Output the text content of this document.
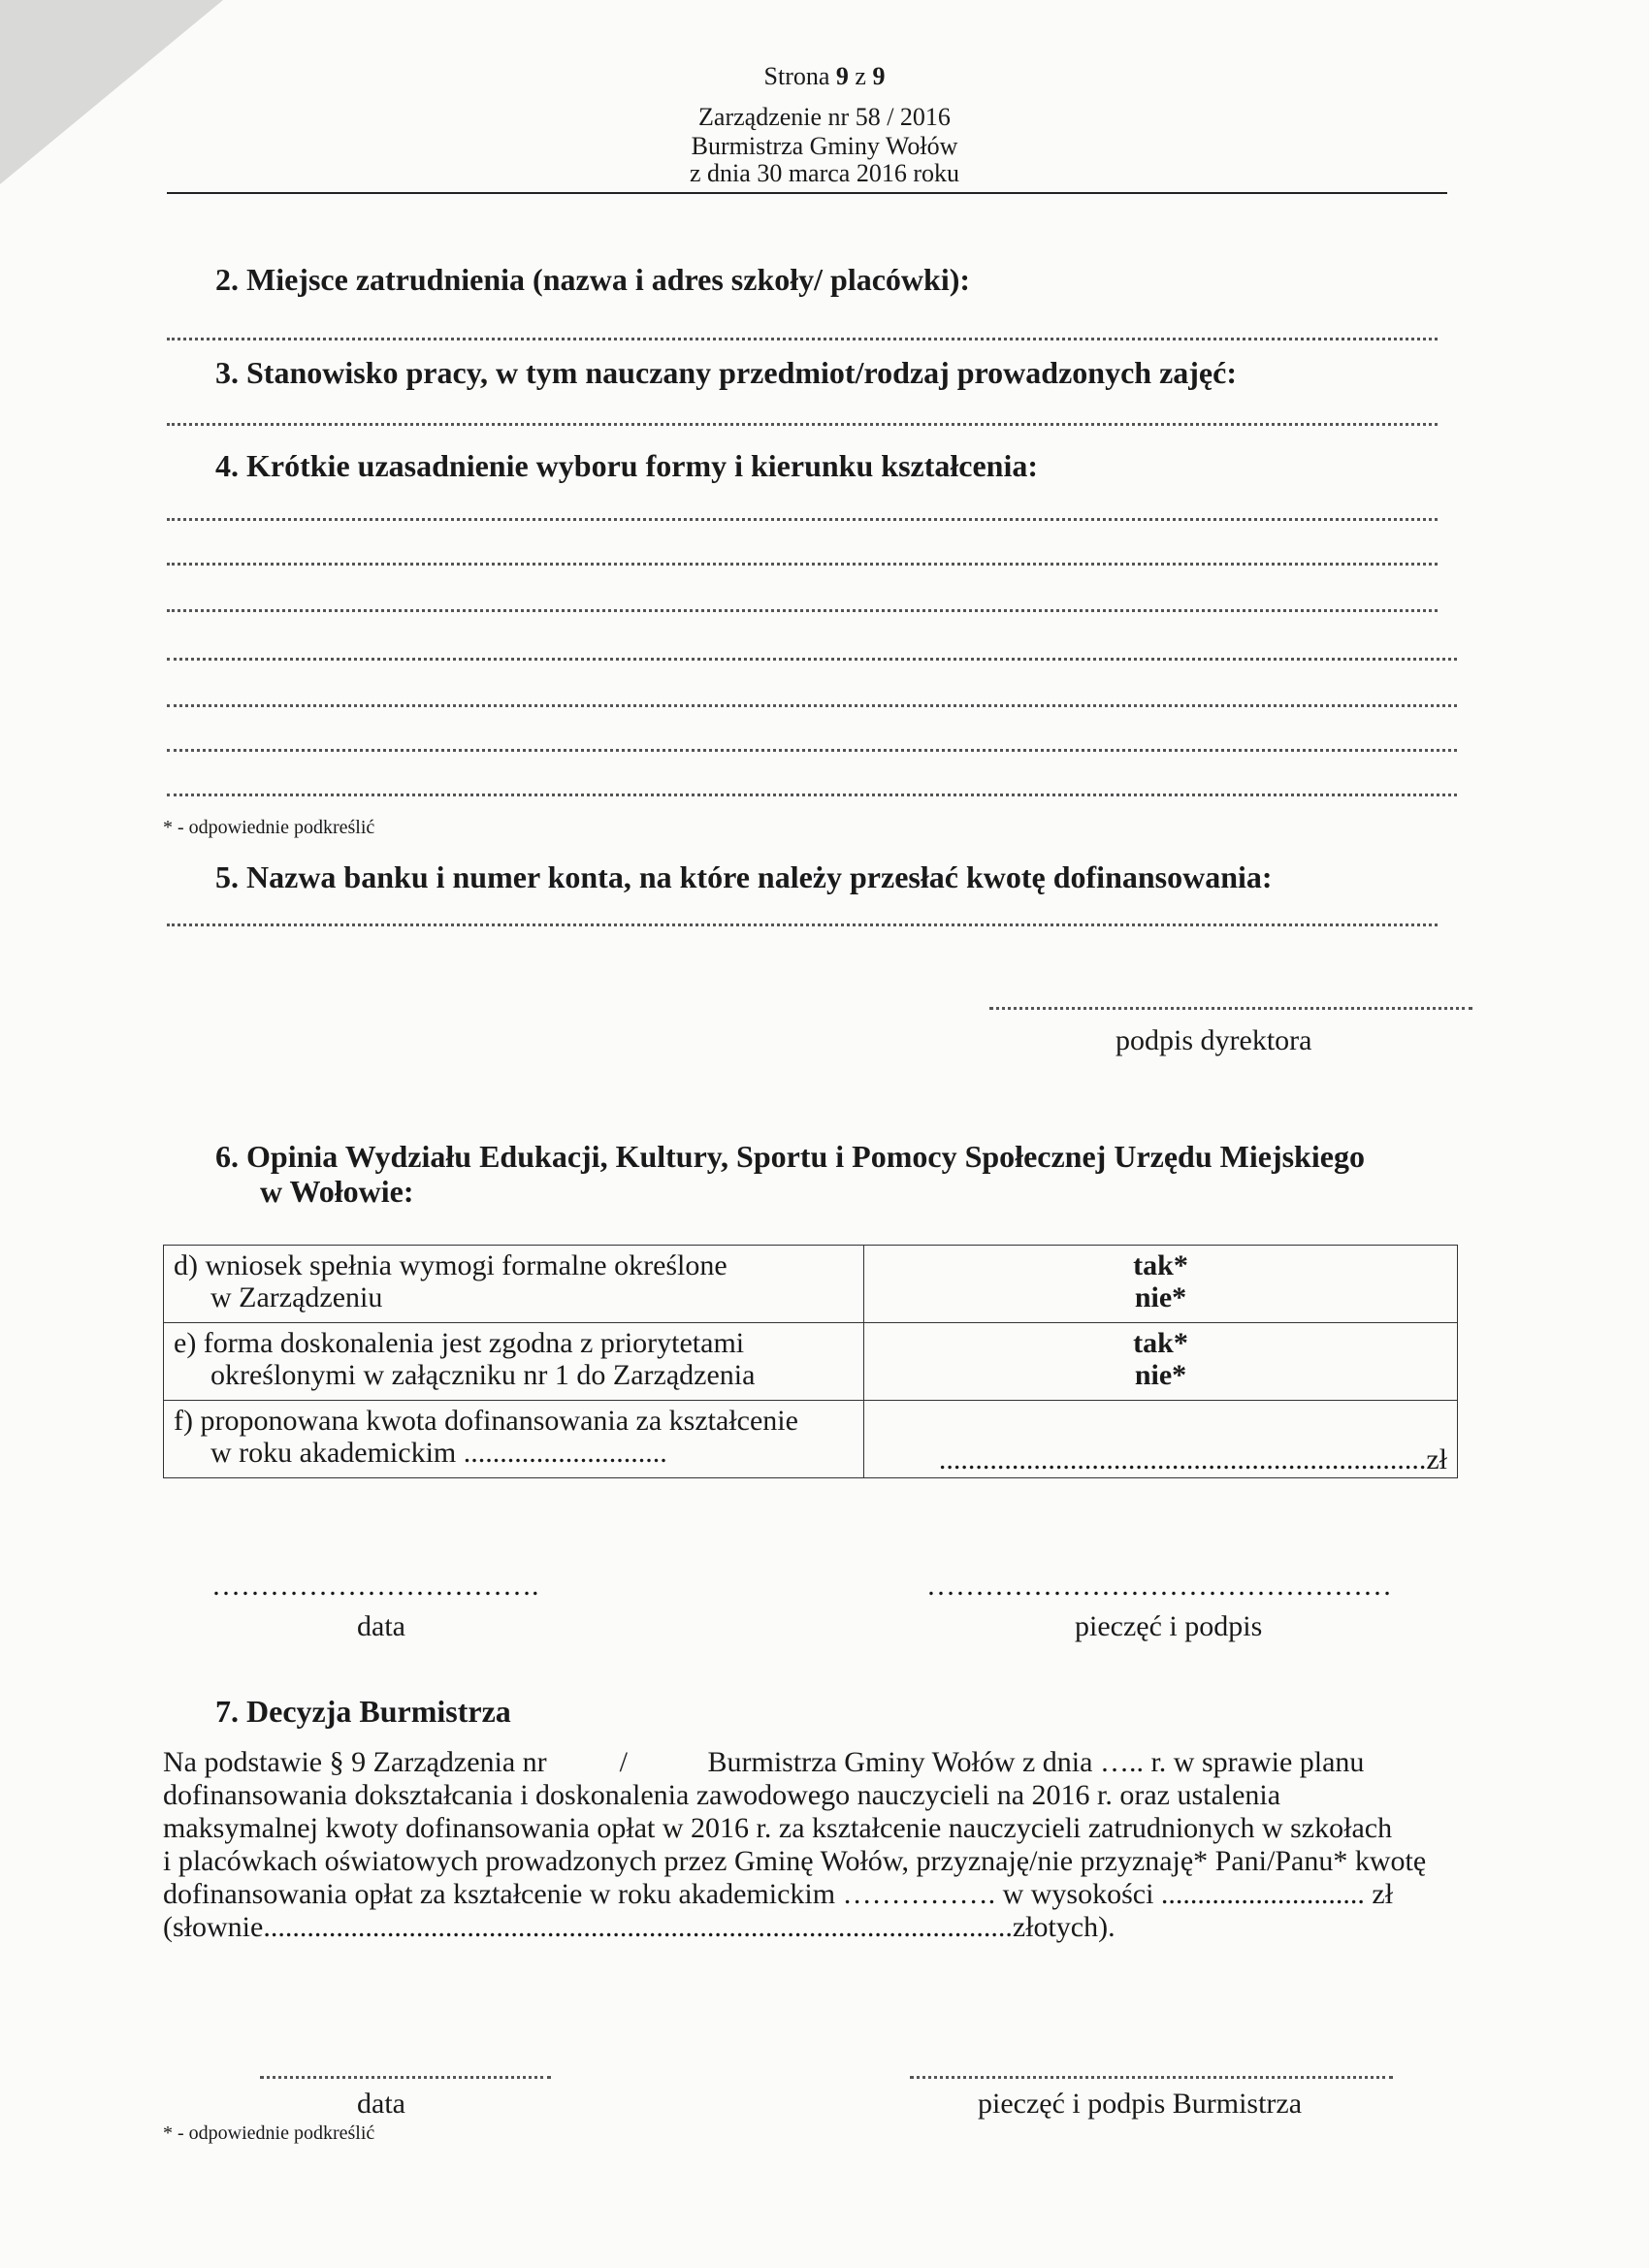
Strona 9 z 9
Zarządzenie nr 58 / 2016
Burmistrza Gminy Wołów
z dnia 30 marca 2016 roku
2. Miejsce zatrudnienia (nazwa i adres szkoły/ placówki):
3. Stanowisko pracy, w tym nauczany przedmiot/rodzaj prowadzonych zajęć:
4. Krótkie uzasadnienie wyboru formy i kierunku kształcenia:
* - odpowiednie podkreślić
5. Nazwa banku i numer konta, na które należy przesłać kwotę dofinansowania:
podpis dyrektora
6. Opinia Wydziału Edukacji, Kultury, Sportu i Pomocy Społecznej Urzędu Miejskiego
w Wołowie:
d) wniosek spełnia wymogi formalne określone

w Zarządzeniu	tak*
nie*
e) forma doskonalenia jest zgodna z priorytetami

określonymi w załączniku nr 1 do Zarządzenia	tak*
nie*
f) proponowana kwota dofinansowania za kształcenie

w roku akademickim ............................	...................................................................zł
…………………………….
data
…………………………………………
pieczęć i podpis
7. Decyzja Burmistrza
Na podstawie § 9 Zarządzenia nr          /           Burmistrza Gminy Wołów z dnia ….. r. w sprawie planu
dofinansowania dokształcania i doskonalenia zawodowego nauczycieli na 2016 r. oraz ustalenia
maksymalnej kwoty dofinansowania opłat w 2016 r. za kształcenie nauczycieli zatrudnionych w szkołach
i placówkach oświatowych prowadzonych przez Gminę Wołów, przyznaję/nie przyznaję* Pani/Panu* kwotę
dofinansowania opłat za kształcenie w roku akademickim ……………. w wysokości ............................ zł
(słownie.......................................................................................................złotych).
data	pieczęć i podpis Burmistrza
* - odpowiednie podkreślić
